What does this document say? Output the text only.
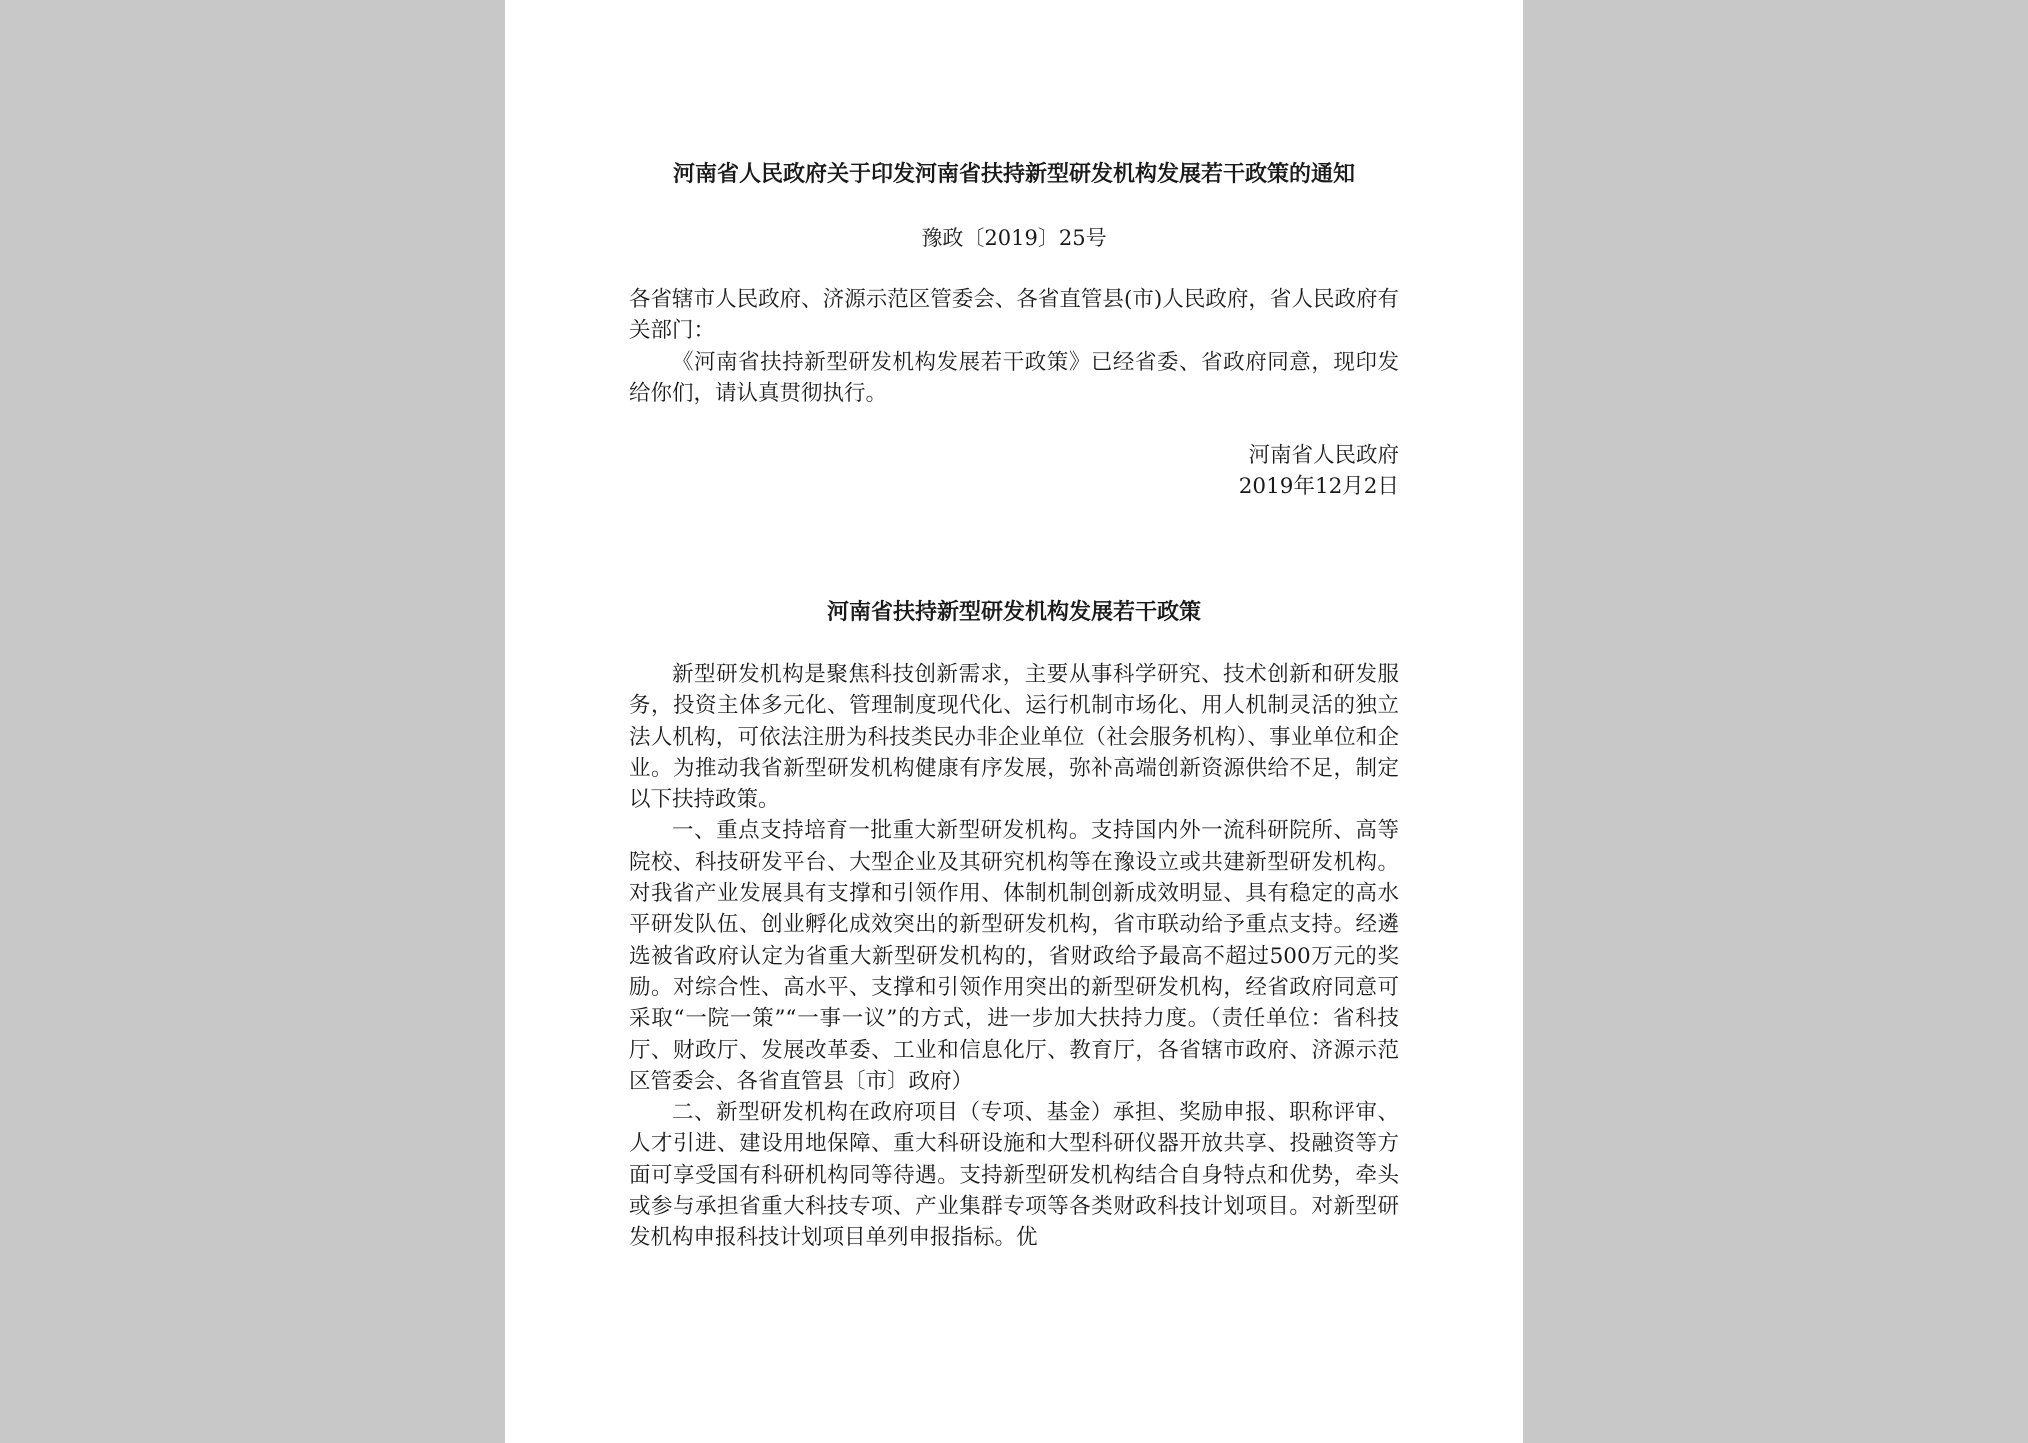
河南省人民政府关于印发河南省扶持新型研发机构发展若干政策的通知
豫政〔2019〕25号

各省辖市人民政府、济源示范区管委会、各省直管县(市)人民政府，省人民政府有关部门：

《河南省扶持新型研发机构发展若干政策》已经省委、省政府同意，现印发给你们，请认真贯彻执行。

河南省人民政府
2019年12月2日
河南省扶持新型研发机构发展若干政策

新型研发机构是聚焦科技创新需求，主要从事科学研究、技术创新和研发服务，投资主体多元化、管理制度现代化、运行机制市场化、用人机制灵活的独立法人机构，可依法注册为科技类民办非企业单位（社会服务机构）、事业单位和企业。为推动我省新型研发机构健康有序发展，弥补高端创新资源供给不足，制定以下扶持政策。

一、重点支持培育一批重大新型研发机构。支持国内外一流科研院所、高等院校、科技研发平台、大型企业及其研究机构等在豫设立或共建新型研发机构。对我省产业发展具有支撑和引领作用、体制机制创新成效明显、具有稳定的高水平研发队伍、创业孵化成效突出的新型研发机构，省市联动给予重点支持。经遴选被省政府认定为省重大新型研发机构的，省财政给予最高不超过500万元的奖励。对综合性、高水平、支撑和引领作用突出的新型研发机构，经省政府同意可采取“一院一策”“一事一议”的方式，进一步加大扶持力度。（责任单位：省科技厅、财政厅、发展改革委、工业和信息化厅、教育厅，各省辖市政府、济源示范区管委会、各省直管县〔市〕政府）

二、新型研发机构在政府项目（专项、基金）承担、奖励申报、职称评审、人才引进、建设用地保障、重大科研设施和大型科研仪器开放共享、投融资等方面可享受国有科研机构同等待遇。支持新型研发机构结合自身特点和优势，牵头或参与承担省重大科技专项、产业集群专项等各类财政科技计划项目。对新型研发机构申报科技计划项目单列申报指标。优
